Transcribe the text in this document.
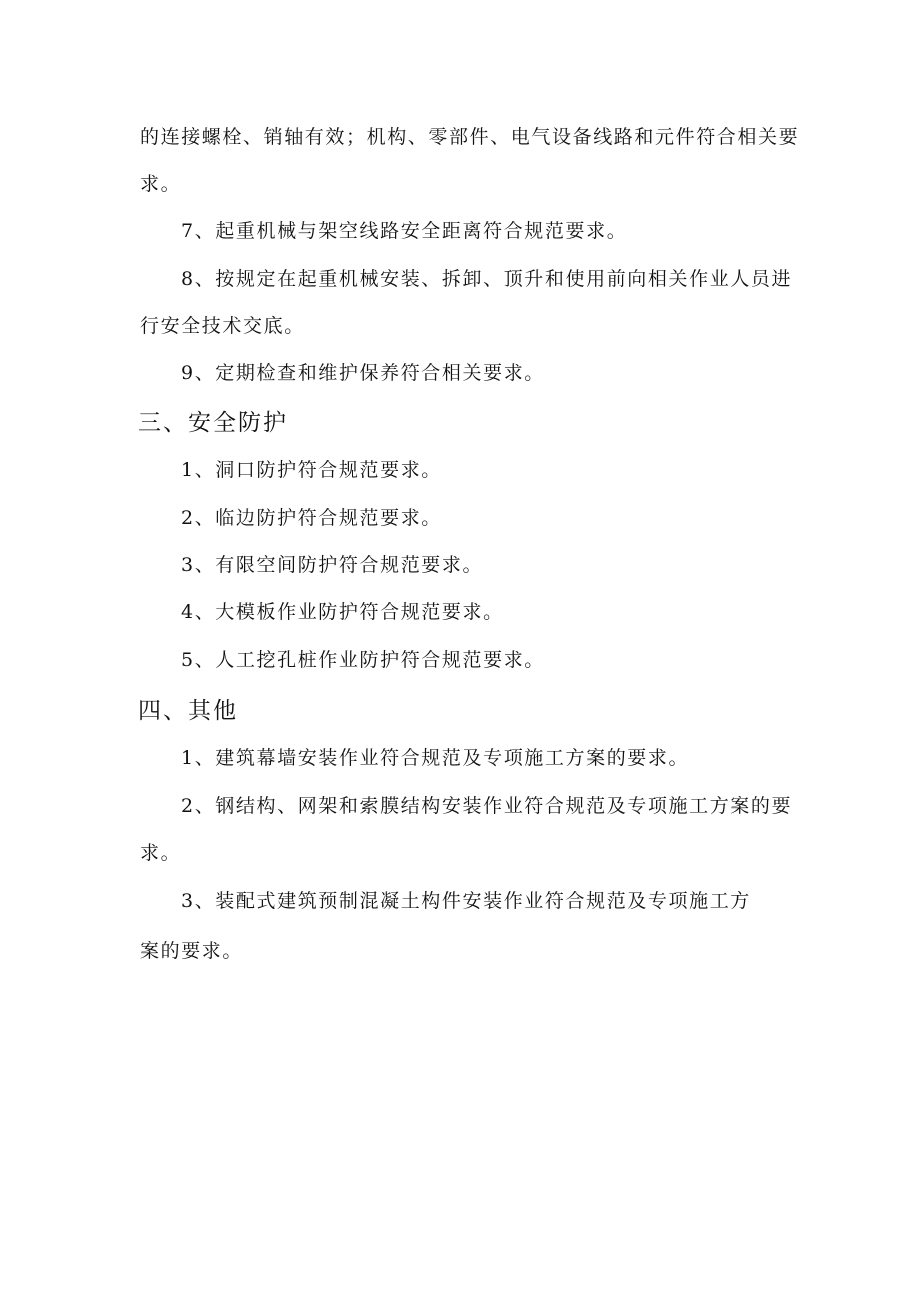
的连接螺栓、销轴有效；机构、零部件、电气设备线路和元件符合相关要

求。

7、起重机械与架空线路安全距离符合规范要求。

8、按规定在起重机械安装、拆卸、顶升和使用前向相关作业人员进

行安全技术交底。

9、定期检查和维护保养符合相关要求。

三、安全防护

1、洞口防护符合规范要求。

2、临边防护符合规范要求。

3、有限空间防护符合规范要求。

4、大模板作业防护符合规范要求。

5、人工挖孔桩作业防护符合规范要求。

四、其他

1、建筑幕墙安装作业符合规范及专项施工方案的要求。

2、钢结构、网架和索膜结构安装作业符合规范及专项施工方案的要

求。

3、装配式建筑预制混凝土构件安装作业符合规范及专项施工方

案的要求。
